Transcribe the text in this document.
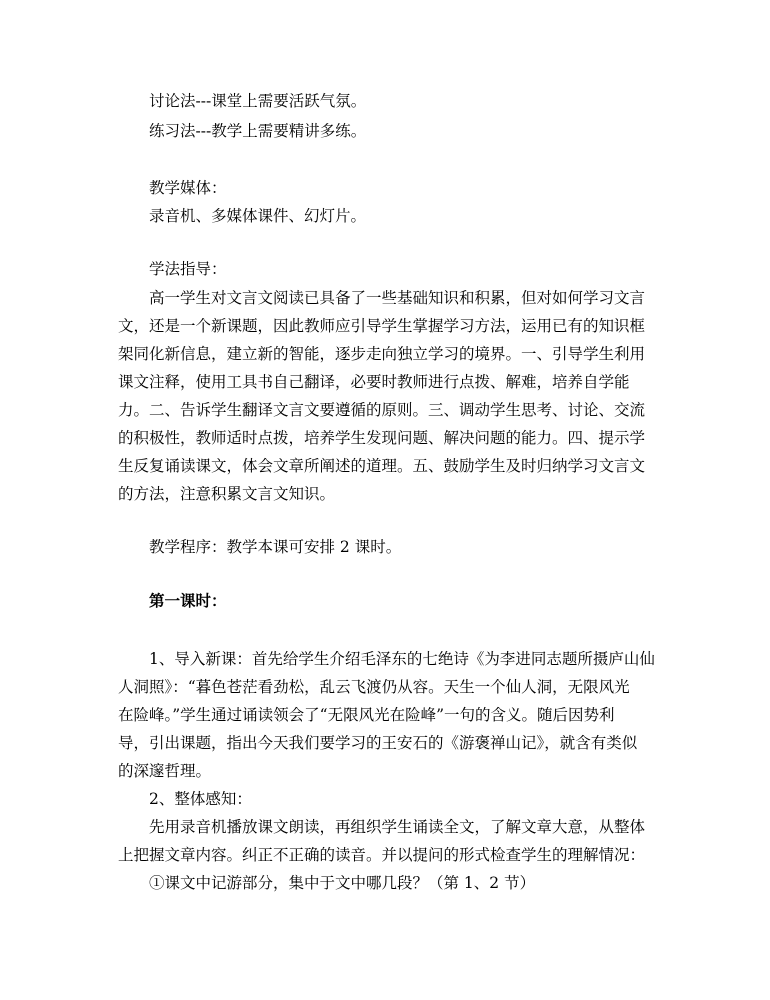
讨论法---课堂上需要活跃气氛。
练习法---教学上需要精讲多练。
教学媒体：
录音机、多媒体课件、幻灯片。
学法指导：
高一学生对文言文阅读已具备了一些基础知识和积累，但对如何学习文言
文，还是一个新课题，因此教师应引导学生掌握学习方法，运用已有的知识框
架同化新信息，建立新的智能，逐步走向独立学习的境界。一、引导学生利用
课文注释，使用工具书自己翻译，必要时教师进行点拨、解难，培养自学能
力。二、告诉学生翻译文言文要遵循的原则。三、调动学生思考、讨论、交流
的积极性，教师适时点拨，培养学生发现问题、解决问题的能力。四、提示学
生反复诵读课文，体会文章所阐述的道理。五、鼓励学生及时归纳学习文言文
的方法，注意积累文言文知识。
教学程序：教学本课可安排 2 课时。
第一课时：
1、导入新课：首先给学生介绍毛泽东的七绝诗《为李进同志题所摄庐山仙
人洞照》：“暮色苍茫看劲松，乱云飞渡仍从容。天生一个仙人洞，无限风光
在险峰。”学生通过诵读领会了“无限风光在险峰”一句的含义。随后因势利
导，引出课题，指出今天我们要学习的王安石的《游褒禅山记》，就含有类似
的深邃哲理。
2、整体感知：
先用录音机播放课文朗读，再组织学生诵读全文，了解文章大意，从整体
上把握文章内容。纠正不正确的读音。并以提问的形式检查学生的理解情况：
①课文中记游部分，集中于文中哪几段？（第 1、2 节）
